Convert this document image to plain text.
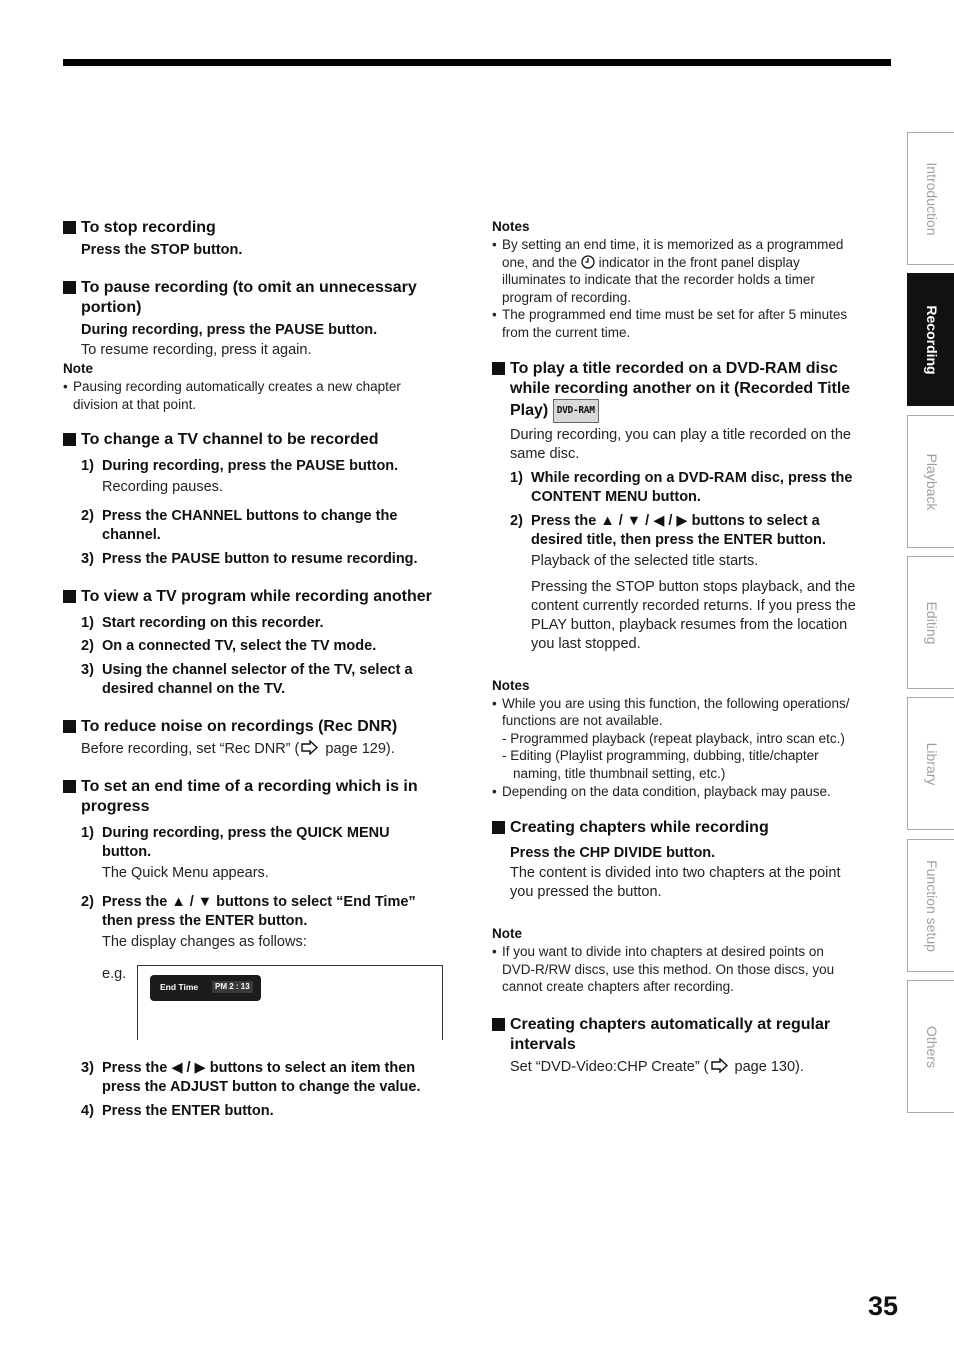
To stop recording
Press the STOP button.
To pause recording (to omit an unnecessary
portion)
During recording, press the PAUSE button.
To resume recording, press it again.
Note
• Pausing recording automatically creates a new chapter
division at that point.
To change a TV channel to be recorded
1) During recording, press the PAUSE button.
Recording pauses.
2) Press the CHANNEL buttons to change the
channel.
3) Press the PAUSE button to resume recording.
To view a TV program while recording another
1) Start recording on this recorder.
2) On a connected TV, select the TV mode.
3) Using the channel selector of the TV, select a
desired channel on the TV.
To reduce noise on recordings (Rec DNR)
Before recording, set “Rec DNR” ( page 129).
To set an end time of a recording which is in
progress
1) During recording, press the QUICK MENU
button.
The Quick Menu appears.
2) Press the ▲ / ▼ buttons to select “End Time”
then press the ENTER button.
The display changes as follows:
e.g.
End Time	PM 2 : 13
3) Press the ◀ / ▶ buttons to select an item then
press the ADJUST button to change the value.
4) Press the ENTER button.
Notes
• By setting an end time, it is memorized as a programmed
one, and the indicator in the front panel display
illuminates to indicate that the recorder holds a timer
program of recording.
• The programmed end time must be set for after 5 minutes
from the current time.
To play a title recorded on a DVD-RAM disc
while recording another on it (Recorded Title
Play) DVD-RAM
During recording, you can play a title recorded on the
same disc.
1) While recording on a DVD-RAM disc, press the
CONTENT MENU button.
2) Press the ▲ / ▼ / ◀ / ▶ buttons to select a
desired title, then press the ENTER button.
Playback of the selected title starts.
Pressing the STOP button stops playback, and the
content currently recorded returns. If you press the
PLAY button, playback resumes from the location
you last stopped.
Notes
• While you are using this function, the following operations/
functions are not available.
- Programmed playback (repeat playback, intro scan etc.)
- Editing (Playlist programming, dubbing, title/chapter
naming, title thumbnail setting, etc.)
• Depending on the data condition, playback may pause.
Creating chapters while recording
Press the CHP DIVIDE button.
The content is divided into two chapters at the point
you pressed the button.
Note
• If you want to divide into chapters at desired points on
DVD-R/RW discs, use this method. On those discs, you
cannot create chapters after recording.
Creating chapters automatically at regular
intervals
Set “DVD-Video:CHP Create” ( page 130).
Introduction
Recording
Playback
Editing
Library
Function setup
Others
35
